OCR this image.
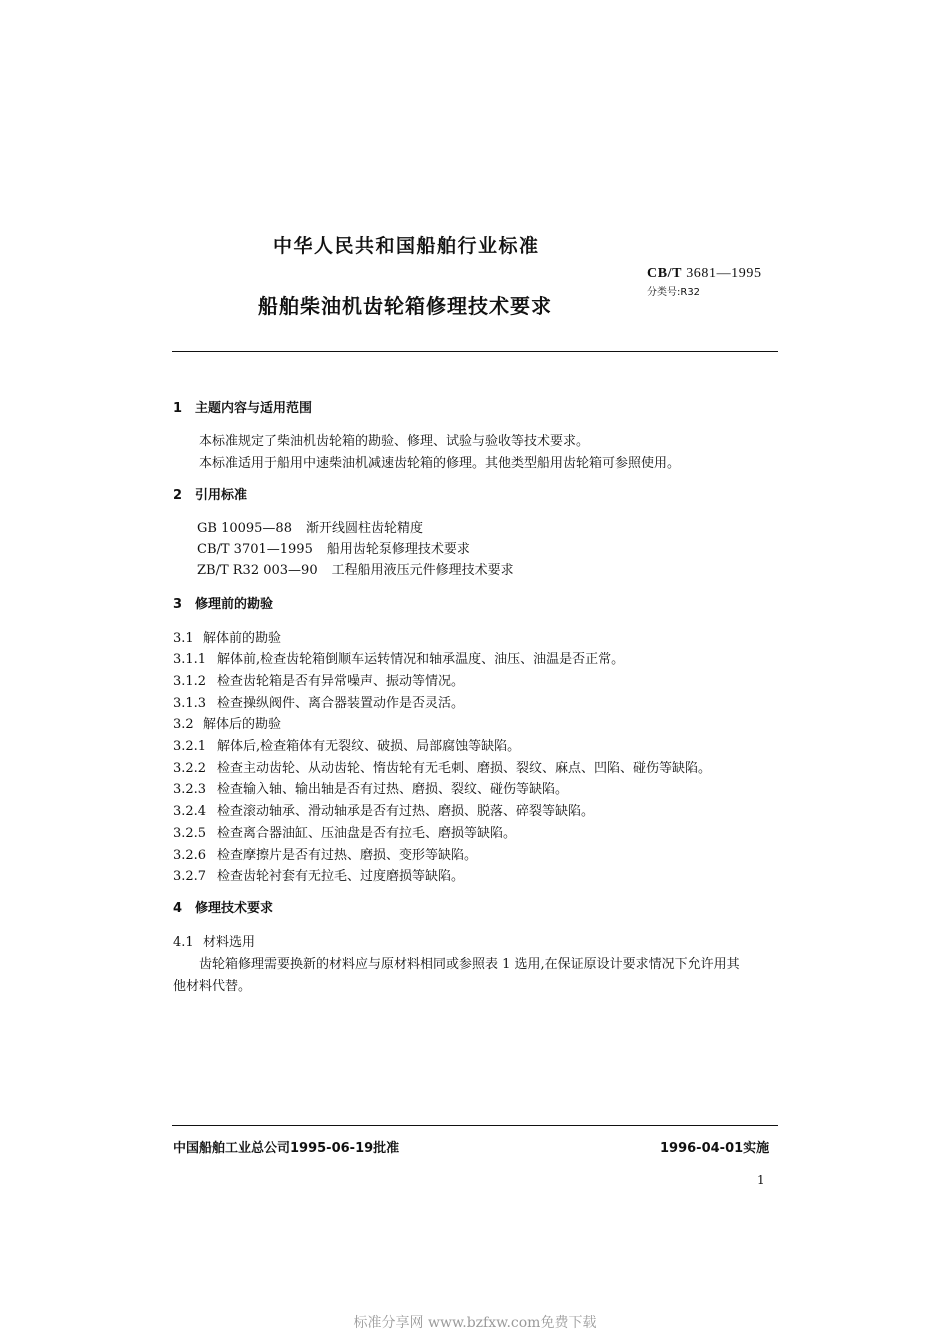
中华人民共和国船舶行业标准
CB/T 3681—1995
分类号:R32
船舶柴油机齿轮箱修理技术要求
1 主题内容与适用范围
本标准规定了柴油机齿轮箱的勘验、修理、试验与验收等技术要求。
本标准适用于船用中速柴油机减速齿轮箱的修理。其他类型船用齿轮箱可参照使用。
2 引用标准
GB 10095—88 渐开线圆柱齿轮精度
CB/T 3701—1995 船用齿轮泵修理技术要求
ZB/T R32 003—90 工程船用液压元件修理技术要求
3 修理前的勘验
3.1 解体前的勘验
3.1.1 解体前,检查齿轮箱倒顺车运转情况和轴承温度、油压、油温是否正常。
3.1.2 检查齿轮箱是否有异常噪声、振动等情况。
3.1.3 检查操纵阀件、离合器装置动作是否灵活。
3.2 解体后的勘验
3.2.1 解体后,检查箱体有无裂纹、破损、局部腐蚀等缺陷。
3.2.2 检查主动齿轮、从动齿轮、惰齿轮有无毛刺、磨损、裂纹、麻点、凹陷、碰伤等缺陷。
3.2.3 检查输入轴、输出轴是否有过热、磨损、裂纹、碰伤等缺陷。
3.2.4 检查滚动轴承、滑动轴承是否有过热、磨损、脱落、碎裂等缺陷。
3.2.5 检查离合器油缸、压油盘是否有拉毛、磨损等缺陷。
3.2.6 检查摩擦片是否有过热、磨损、变形等缺陷。
3.2.7 检查齿轮衬套有无拉毛、过度磨损等缺陷。
4 修理技术要求
4.1 材料选用
齿轮箱修理需要换新的材料应与原材料相同或参照表 1 选用,在保证原设计要求情况下允许用其
他材料代替。
中国船舶工业总公司1995-06-19批准	1996-04-01实施
1
标准分享网 www.bzfxw.com免费下载
